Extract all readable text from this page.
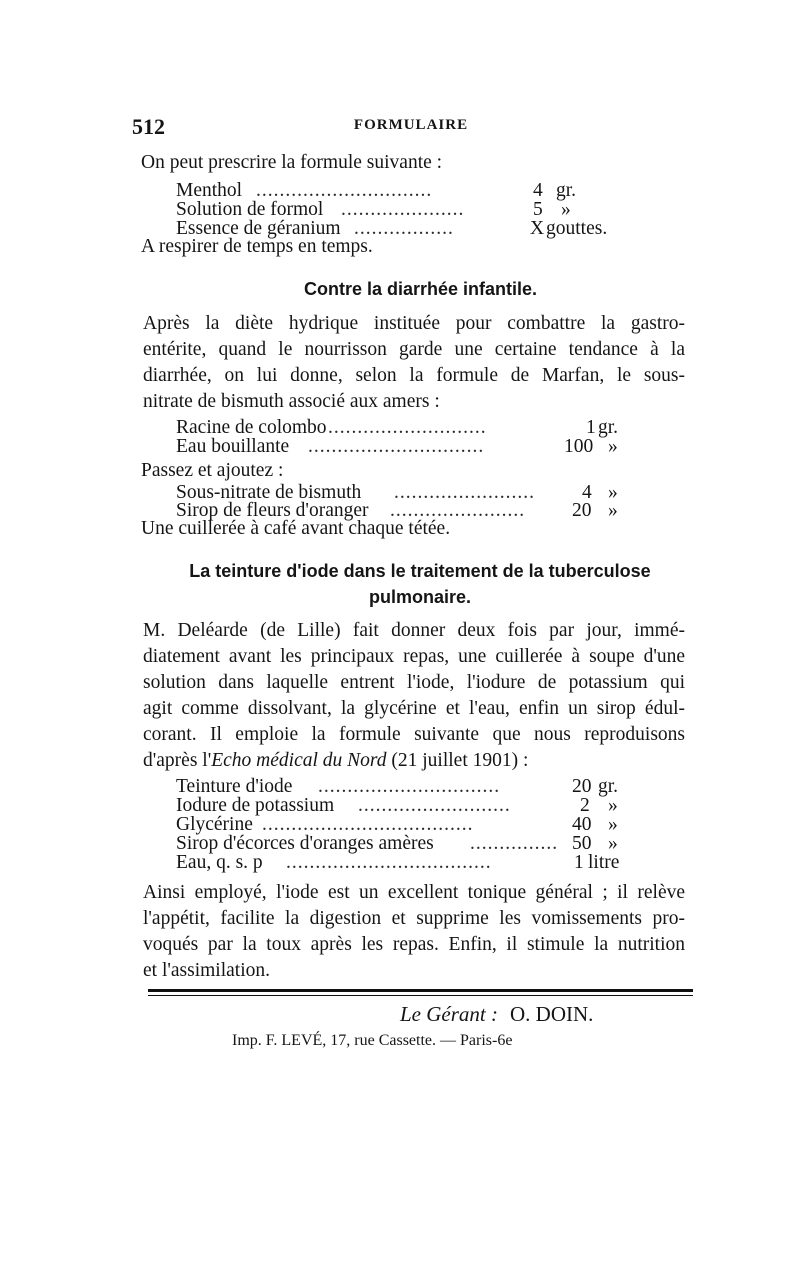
512	FORMULAIRE
On peut prescrire la formule suivante :
Menthol ..............................	4 gr.
Solution de formol .....................	5 »
Essence de géranium .................	X gouttes.
A respirer de temps en temps.
Contre la diarrhée infantile.
Après la diète hydrique instituée pour combattre la gastro-
entérite, quand le nourrisson garde une certaine tendance à la
diarrhée, on lui donne, selon la formule de Marfan, le sous-
nitrate de bismuth associé aux amers :
Racine de colombo ...........................	1 gr.
Eau bouillante ..............................	100 »
Passez et ajoutez :
Sous-nitrate de bismuth ........................	4 »
Sirop de fleurs d'oranger .......................	20 »
Une cuillerée à café avant chaque tétée.
La teinture d'iode dans le traitement de la tuberculose
pulmonaire.
M. Deléarde (de Lille) fait donner deux fois par jour, immé-
diatement avant les principaux repas, une cuillerée à soupe d'une
solution dans laquelle entrent l'iode, l'iodure de potassium qui
agit comme dissolvant, la glycérine et l'eau, enfin un sirop édul-
corant. Il emploie la formule suivante que nous reproduisons
d'après l'Echo médical du Nord (21 juillet 1901) :
Teinture d'iode ...............................	20 gr.
Iodure de potassium ..........................	2 »
Glycérine ....................................	40 »
Sirop d'écorces d'oranges amères ............... 50 »
Eau, q. s. p ...................................	1 litre
Ainsi employé, l'iode est un excellent tonique général ; il relève
l'appétit, facilite la digestion et supprime les vomissements pro-
voqués par la toux après les repas. Enfin, il stimule la nutrition
et l'assimilation.
Le Gérant : O. DOIN.
Imp. F. LEVÉ, 17, rue Cassette. — Paris-6e
